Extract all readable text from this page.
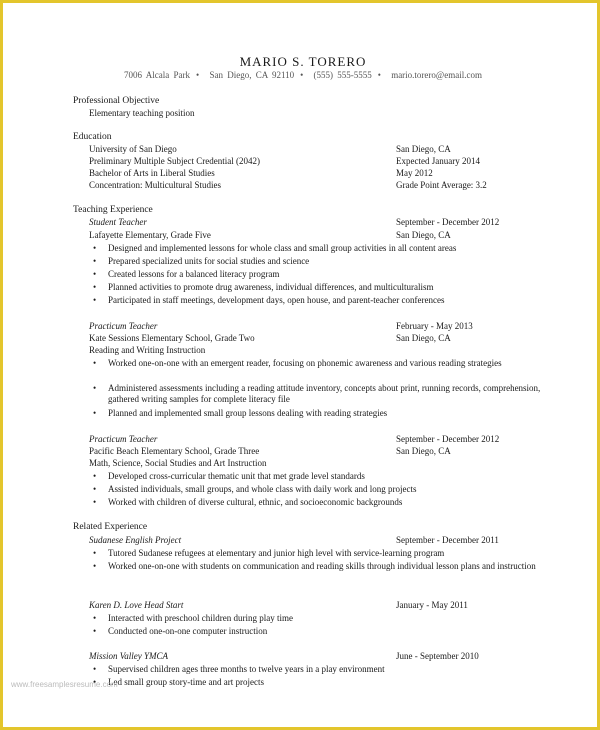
MARIO S. TORERO
7006 Alcala Park • San Diego, CA 92110 • (555) 555-5555 • mario.torero@email.com
Professional Objective
Elementary teaching position
Education
University of San Diego	San Diego, CA
Preliminary Multiple Subject Credential (2042)	Expected January 2014
Bachelor of Arts in Liberal Studies	May 2012
Concentration: Multicultural Studies	Grade Point Average: 3.2
Teaching Experience
Student Teacher	September - December 2012
Lafayette Elementary, Grade Five	San Diego, CA
• Designed and implemented lessons for whole class and small group activities in all content areas
• Prepared specialized units for social studies and science
• Created lessons for a balanced literacy program
• Planned activities to promote drug awareness, individual differences, and multiculturalism
• Participated in staff meetings, development days, open house, and parent-teacher conferences
Practicum Teacher	February - May 2013
Kate Sessions Elementary School, Grade Two	San Diego, CA
Reading and Writing Instruction
• Worked one-on-one with an emergent reader, focusing on phonemic awareness and various reading strategies
• Administered assessments including a reading attitude inventory, concepts about print, running records, comprehension, gathered writing samples for complete literacy file
• Planned and implemented small group lessons dealing with reading strategies
Practicum Teacher	September - December 2012
Pacific Beach Elementary School, Grade Three	San Diego, CA
Math, Science, Social Studies and Art Instruction
• Developed cross-curricular thematic unit that met grade level standards
• Assisted individuals, small groups, and whole class with daily work and long projects
• Worked with children of diverse cultural, ethnic, and socioeconomic backgrounds
Related Experience
Sudanese English Project	September - December 2011
• Tutored Sudanese refugees at elementary and junior high level with service-learning program
• Worked one-on-one with students on communication and reading skills through individual lesson plans and instruction
Karen D. Love Head Start	January - May 2011
• Interacted with preschool children during play time
• Conducted one-on-one computer instruction
Mission Valley YMCA	June - September 2010
• Supervised children ages three months to twelve years in a play environment
• Led small group story-time and art projects
www.freesamplesresume.com
